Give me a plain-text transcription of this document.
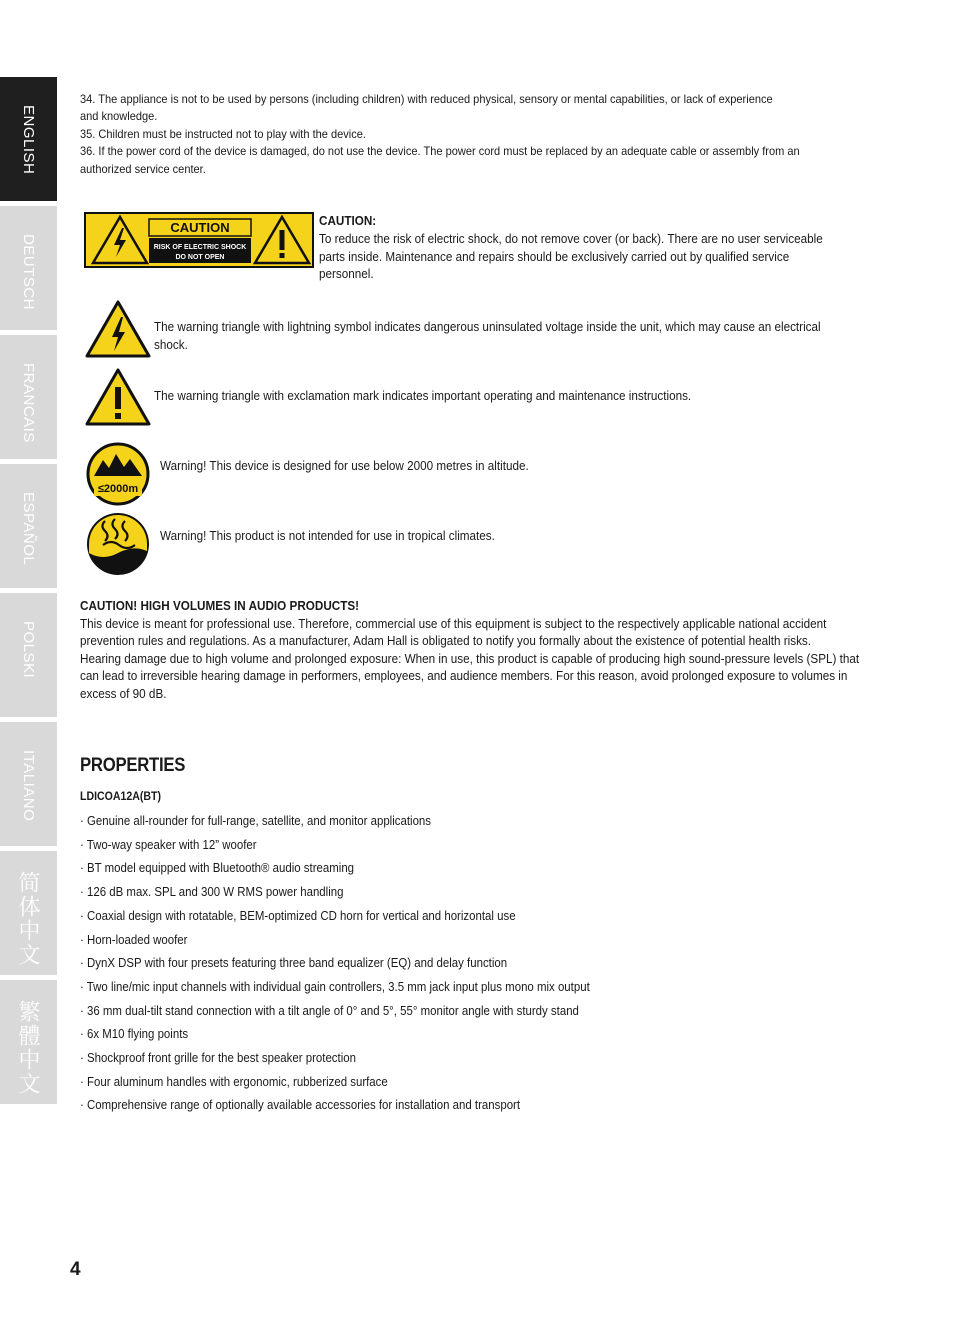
ENGLISH
DEUTSCH
FRANCAIS
ESPAÑOL
POLSKI
ITALIANO
简体中文
繁體中文

34. The appliance is not to be used by persons (including children) with reduced physical, sensory or mental capabilities, or lack of experience

and knowledge.

35. Children must be instructed not to play with the device.

36. If the power cord of the device is damaged, do not use the device. The power cord must be replaced by an adequate cable or assembly from an

authorized service center.

CAUTION
RISK OF ELECTRIC SHOCK
DO NOT OPEN
CAUTION:
To reduce the risk of electric shock, do not remove cover (or back). There are no user serviceable parts inside. Maintenance and repairs should be exclusively carried out by qualified service personnel.
The warning triangle with lightning symbol indicates dangerous uninsulated voltage inside the unit, which may cause an electrical shock.
The warning triangle with exclamation mark indicates important operating and maintenance instructions.
≤2000m
Warning! This device is designed for use below 2000 metres in altitude.
Warning! This product is not intended for use in tropical climates.
CAUTION! HIGH VOLUMES IN AUDIO PRODUCTS!

This device is meant for professional use. Therefore, commercial use of this equipment is subject to the respectively applicable national accident prevention rules and regulations. As a manufacturer, Adam Hall is obligated to notify you formally about the existence of potential health risks.

Hearing damage due to high volume and prolonged exposure: When in use, this product is capable of producing high sound-pressure levels (SPL) that can lead to irreversible hearing damage in performers, employees, and audience members. For this reason, avoid prolonged exposure to volumes in excess of 90 dB.

PROPERTIES
LDICOA12A(BT)
· Genuine all-rounder for full-range, satellite, and monitor applications
· Two-way speaker with 12” woofer
· BT model equipped with Bluetooth® audio streaming
· 126 dB max. SPL and 300 W RMS power handling
· Coaxial design with rotatable, BEM-optimized CD horn for vertical and horizontal use
· Horn-loaded woofer
· DynX DSP with four presets featuring three band equalizer (EQ) and delay function
· Two line/mic input channels with individual gain controllers, 3.5 mm jack input plus mono mix output
· 36 mm dual-tilt stand connection with a tilt angle of 0° and 5°, 55° monitor angle with sturdy stand
· 6x M10 flying points
· Shockproof front grille for the best speaker protection
· Four aluminum handles with ergonomic, rubberized surface
· Comprehensive range of optionally available accessories for installation and transport
4
